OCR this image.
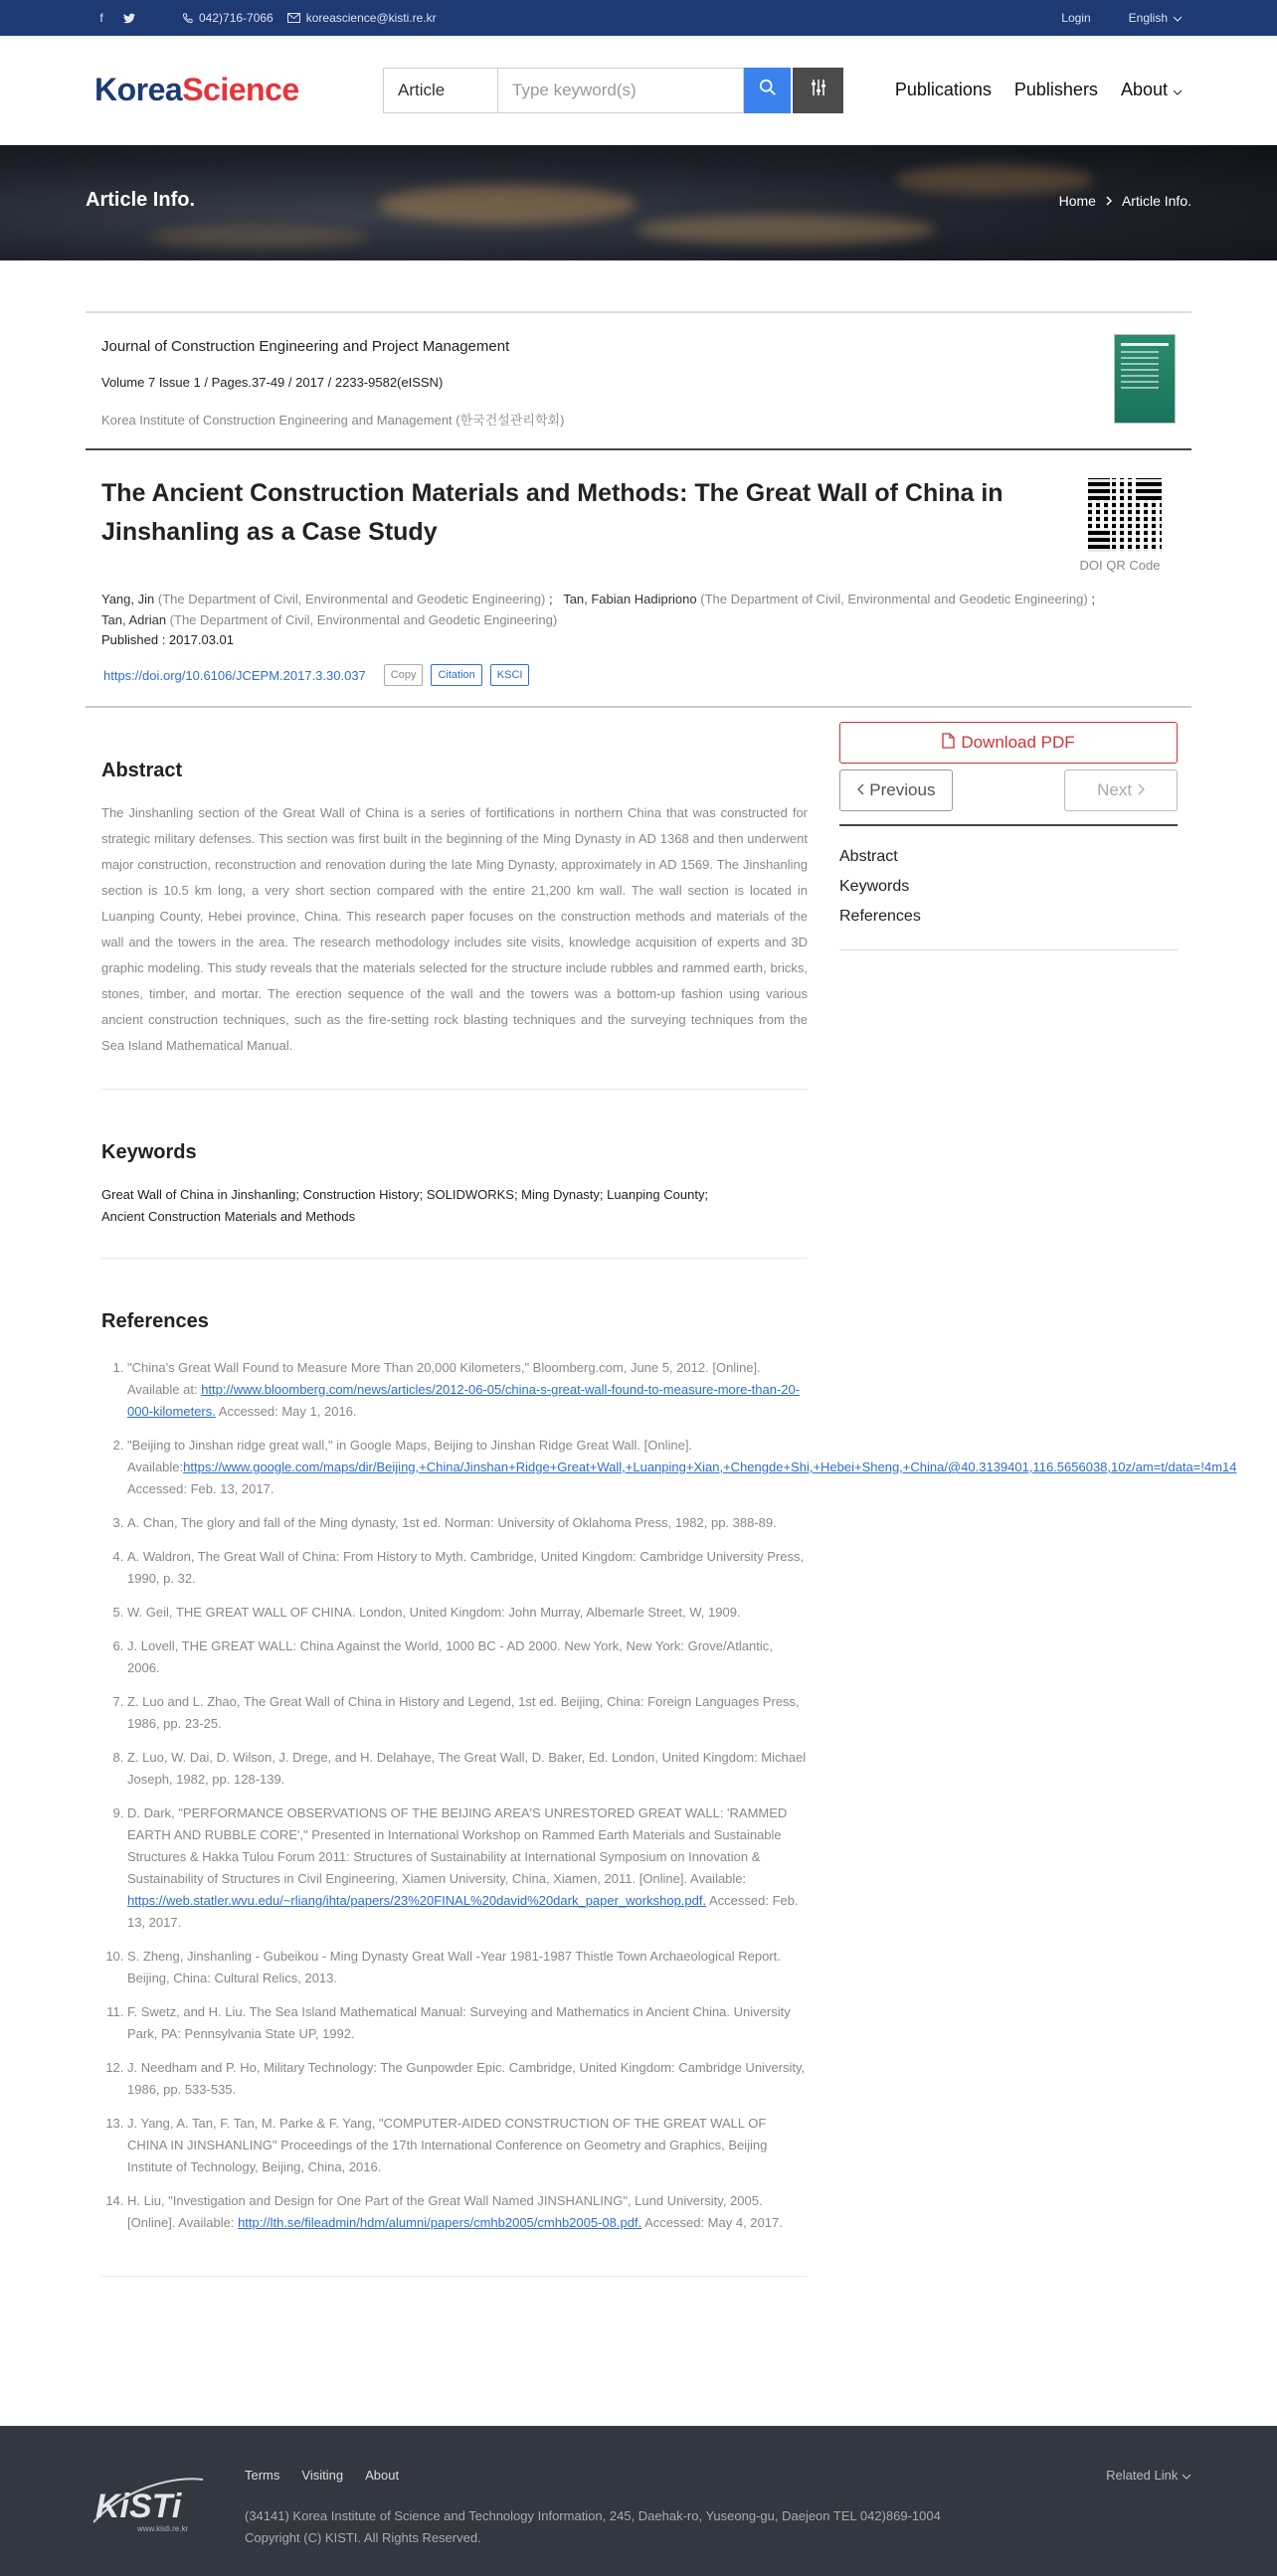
f	042)716-7066	koreascience@kisti.re.kr	Login	English
KoreaScience	Article	Type keyword(s)	Publications Publishers About
Article Info.	Home Article Info.
Journal of Construction Engineering and Project Management
Volume 7 Issue 1 / Pages.37-49 / 2017 / 2233-9582(eISSN)
Korea Institute of Construction Engineering and Management (한국건설관리학회)
The Ancient Construction Materials and Methods: The Great Wall of China in Jinshanling as a Case Study
DOI QR Code
Yang, Jin (The Department of Civil, Environmental and Geodetic Engineering) ;   Tan, Fabian Hadipriono (The Department of Civil, Environmental and Geodetic Engineering) ;
Tan, Adrian (The Department of Civil, Environmental and Geodetic Engineering)
Published : 2017.03.01
https://doi.org/10.6106/JCEPM.2017.3.30.037	Copy	Citation	KSCI
Abstract

The Jinshanling section of the Great Wall of China is a series of fortifications in northern China that was constructed for strategic military defenses. This section was first built in the beginning of the Ming Dynasty in AD 1368 and then underwent major construction, reconstruction and renovation during the late Ming Dynasty, approximately in AD 1569. The Jinshanling section is 10.5 km long, a very short section compared with the entire 21,200 km wall. The wall section is located in Luanping County, Hebei province, China. This research paper focuses on the construction methods and materials of the wall and the towers in the area. The research methodology includes site visits, knowledge acquisition of experts and 3D graphic modeling. This study reveals that the materials selected for the structure include rubbles and rammed earth, bricks, stones, timber, and mortar. The erection sequence of the wall and the towers was a bottom-up fashion using various ancient construction techniques, such as the fire-setting rock blasting techniques and the surveying techniques from the Sea Island Mathematical Manual.

Keywords

Great Wall of China in Jinshanling; Construction History; SOLIDWORKS; Ming Dynasty; Luanping County;
Ancient Construction Materials and Methods

References
1. "China's Great Wall Found to Measure More Than 20,000 Kilometers," Bloomberg.com, June 5, 2012. [Online]. Available at: http://www.bloomberg.com/news/articles/2012-06-05/china-s-great-wall-found-to-measure-more-than-20-000-kilometers. Accessed: May 1, 2016.
2. "Beijing to Jinshan ridge great wall," in Google Maps, Beijing to Jinshan Ridge Great Wall. [Online]. Available:https://www.google.com/maps/dir/Beijing,+China/Jinshan+Ridge+Great+Wall,+Luanping+Xian,+Chengde+Shi,+Hebei+Sheng,+China/@40.3139401,116.5656038,10z/am=t/data=!4m14 Accessed: Feb. 13, 2017.
3. A. Chan, The glory and fall of the Ming dynasty, 1st ed. Norman: University of Oklahoma Press, 1982, pp. 388-89.
4. A. Waldron, The Great Wall of China: From History to Myth. Cambridge, United Kingdom: Cambridge University Press, 1990, p. 32.
5. W. Geil, THE GREAT WALL OF CHINA. London, United Kingdom: John Murray, Albemarle Street, W, 1909.
6. J. Lovell, THE GREAT WALL: China Against the World, 1000 BC - AD 2000. New York, New York: Grove/Atlantic, 2006.
7. Z. Luo and L. Zhao, The Great Wall of China in History and Legend, 1st ed. Beijing, China: Foreign Languages Press, 1986, pp. 23-25.
8. Z. Luo, W. Dai, D. Wilson, J. Drege, and H. Delahaye, The Great Wall, D. Baker, Ed. London, United Kingdom: Michael Joseph, 1982, pp. 128-139.
9. D. Dark, "PERFORMANCE OBSERVATIONS OF THE BEIJING AREA'S UNRESTORED GREAT WALL: 'RAMMED EARTH AND RUBBLE CORE'," Presented in International Workshop on Rammed Earth Materials and Sustainable Structures & Hakka Tulou Forum 2011: Structures of Sustainability at International Symposium on Innovation & Sustainability of Structures in Civil Engineering, Xiamen University, China, Xiamen, 2011. [Online]. Available: https://web.statler.wvu.edu/~rliang/ihta/papers/23%20FINAL%20david%20dark_paper_workshop.pdf. Accessed: Feb. 13, 2017.
10. S. Zheng, Jinshanling - Gubeikou - Ming Dynasty Great Wall -Year 1981-1987 Thistle Town Archaeological Report. Beijing, China: Cultural Relics, 2013.
11. F. Swetz, and H. Liu. The Sea Island Mathematical Manual: Surveying and Mathematics in Ancient China. University Park, PA: Pennsylvania State UP, 1992.
12. J. Needham and P. Ho, Military Technology: The Gunpowder Epic. Cambridge, United Kingdom: Cambridge University, 1986, pp. 533-535.
13. J. Yang, A. Tan, F. Tan, M. Parke & F. Yang, "COMPUTER-AIDED CONSTRUCTION OF THE GREAT WALL OF CHINA IN JINSHANLING" Proceedings of the 17th International Conference on Geometry and Graphics, Beijing Institute of Technology, Beijing, China, 2016.
14. H. Liu, "Investigation and Design for One Part of the Great Wall Named JINSHANLING", Lund University, 2005. [Online]. Available: http://lth.se/fileadmin/hdm/alumni/papers/cmhb2005/cmhb2005-08.pdf. Accessed: May 4, 2017.
Download PDF

Previous	Next

Abstract
Keywords
References
KiSTi
www.kisti.re.kr
Terms Visiting About
(34141) Korea Institute of Science and Technology Information, 245, Daehak-ro, Yuseong-gu, Daejeon TEL 042)869-1004
Copyright (C) KISTI. All Rights Reserved.
Related Link
